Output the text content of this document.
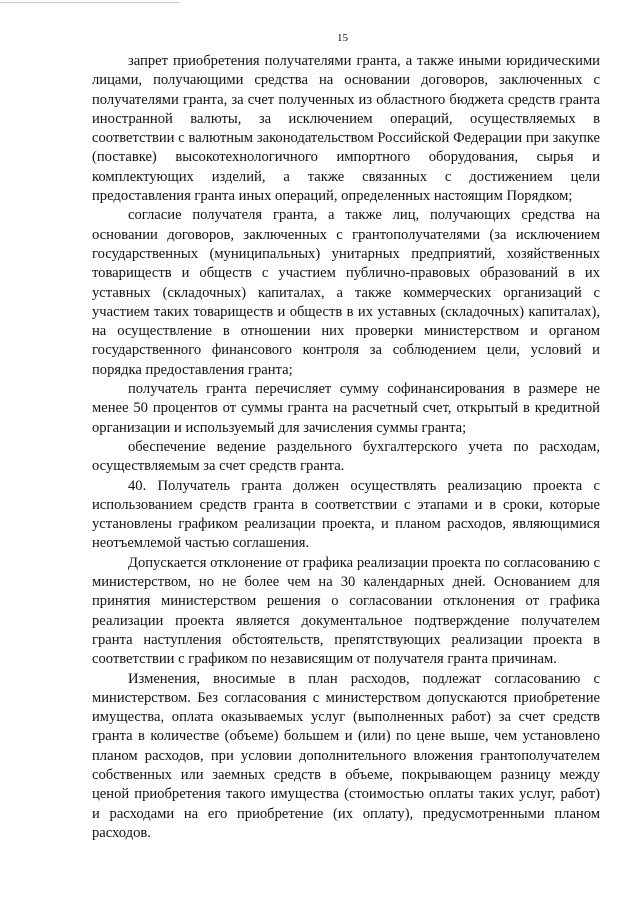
15

запрет приобретения получателями гранта, а также иными юридическими лицами, получающими средства на основании договоров, заключенных с получателями гранта, за счет полученных из областного бюджета средств гранта иностранной валюты, за исключением операций, осуществляемых в соответствии с валютным законодательством Российской Федерации при закупке (поставке) высокотехнологичного импортного оборудования, сырья и комплектующих изделий, а также связанных с достижением цели предоставления гранта иных операций, определенных настоящим Порядком;

согласие получателя гранта, а также лиц, получающих средства на основании договоров, заключенных с грантополучателями (за исключением государственных (муниципальных) унитарных предприятий, хозяйственных товариществ и обществ с участием публично-правовых образований в их уставных (складочных) капиталах, а также коммерческих организаций с участием таких товариществ и обществ в их уставных (складочных) капиталах), на осуществление в отношении них проверки министерством и органом государственного финансового контроля за соблюдением цели, условий и порядка предоставления гранта;

получатель гранта перечисляет сумму софинансирования в размере не менее 50 процентов от суммы гранта на расчетный счет, открытый в кредитной организации и используемый для зачисления суммы гранта;

обеспечение ведение раздельного бухгалтерского учета по расходам, осуществляемым за счет средств гранта.

40. Получатель гранта должен осуществлять реализацию проекта с использованием средств гранта в соответствии с этапами и в сроки, которые установлены графиком реализации проекта, и планом расходов, являющимися неотъемлемой частью соглашения.

Допускается отклонение от графика реализации проекта по согласованию с министерством, но не более чем на 30 календарных дней. Основанием для принятия министерством решения о согласовании отклонения от графика реализации проекта является документальное подтверждение получателем гранта наступления обстоятельств, препятствующих реализации проекта в соответствии с графиком по независящим от получателя гранта причинам.

Изменения, вносимые в план расходов, подлежат согласованию с министерством. Без согласования с министерством допускаются приобретение имущества, оплата оказываемых услуг (выполненных работ) за счет средств гранта в количестве (объеме) большем и (или) по цене выше, чем установлено планом расходов, при условии дополнительного вложения грантополучателем собственных или заемных средств в объеме, покрывающем разницу между ценой приобретения такого имущества (стоимостью оплаты таких услуг, работ) и расходами на его приобретение (их оплату), предусмотренными планом расходов.
